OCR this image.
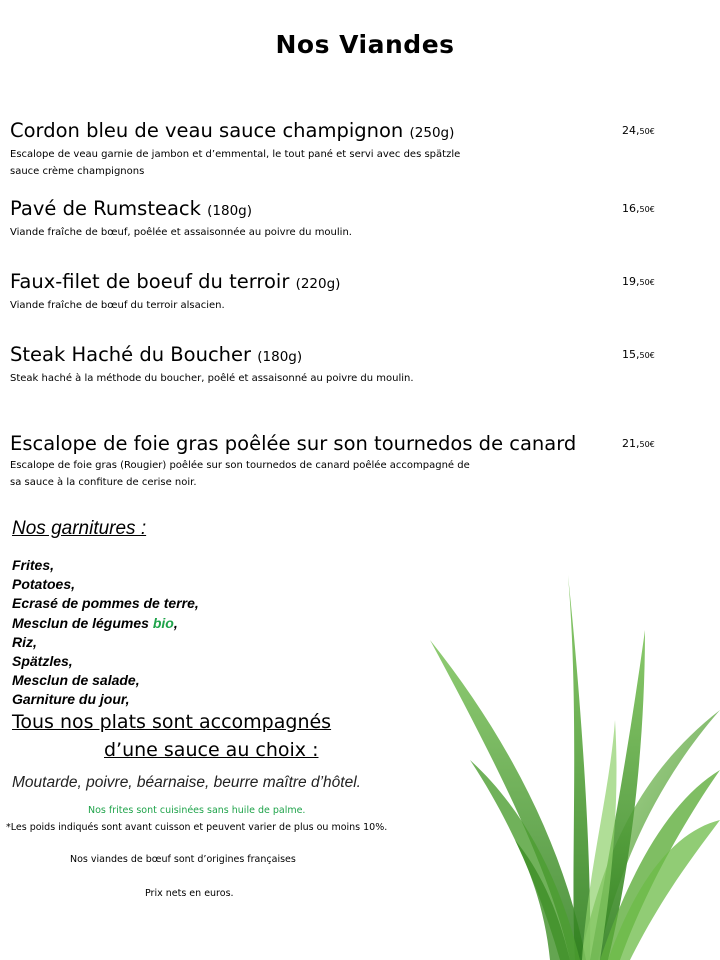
Nos Viandes
Cordon bleu de veau sauce champignon (250g)	24,50€
Escalope de veau garnie de jambon et d’emmental, le tout pané et servi avec des spätzle
sauce crème champignons
Pavé de Rumsteack (180g)	16,50€
Viande fraîche de bœuf, poêlée et assaisonnée au poivre du moulin.
Faux-filet de boeuf du terroir (220g)	19,50€
Viande fraîche de bœuf du terroir alsacien.
Steak Haché du Boucher (180g)	15,50€
Steak haché à la méthode du boucher, poêlé et assaisonné au poivre du moulin.
Escalope de foie gras poêlée sur son tournedos de canard	21,50€
Escalope de foie gras (Rougier) poêlée sur son tournedos de canard poêlée accompagné de
sa sauce à la confiture de cerise noir.
Nos garnitures :
Frites,
Potatoes,
Ecrasé de pommes de terre,
Mesclun de légumes bio,
Riz,
Spätzles,
Mesclun de salade,
Garniture du jour,
Tous nos plats sont accompagnés
d’une sauce au choix :
Moutarde, poivre, béarnaise, beurre maître d’hôtel.
Nos frites sont cuisinées sans huile de palme.
*Les poids indiqués sont avant cuisson et peuvent varier de plus ou moins 10%.
Nos viandes de bœuf sont d’origines françaises
Prix nets en euros.
